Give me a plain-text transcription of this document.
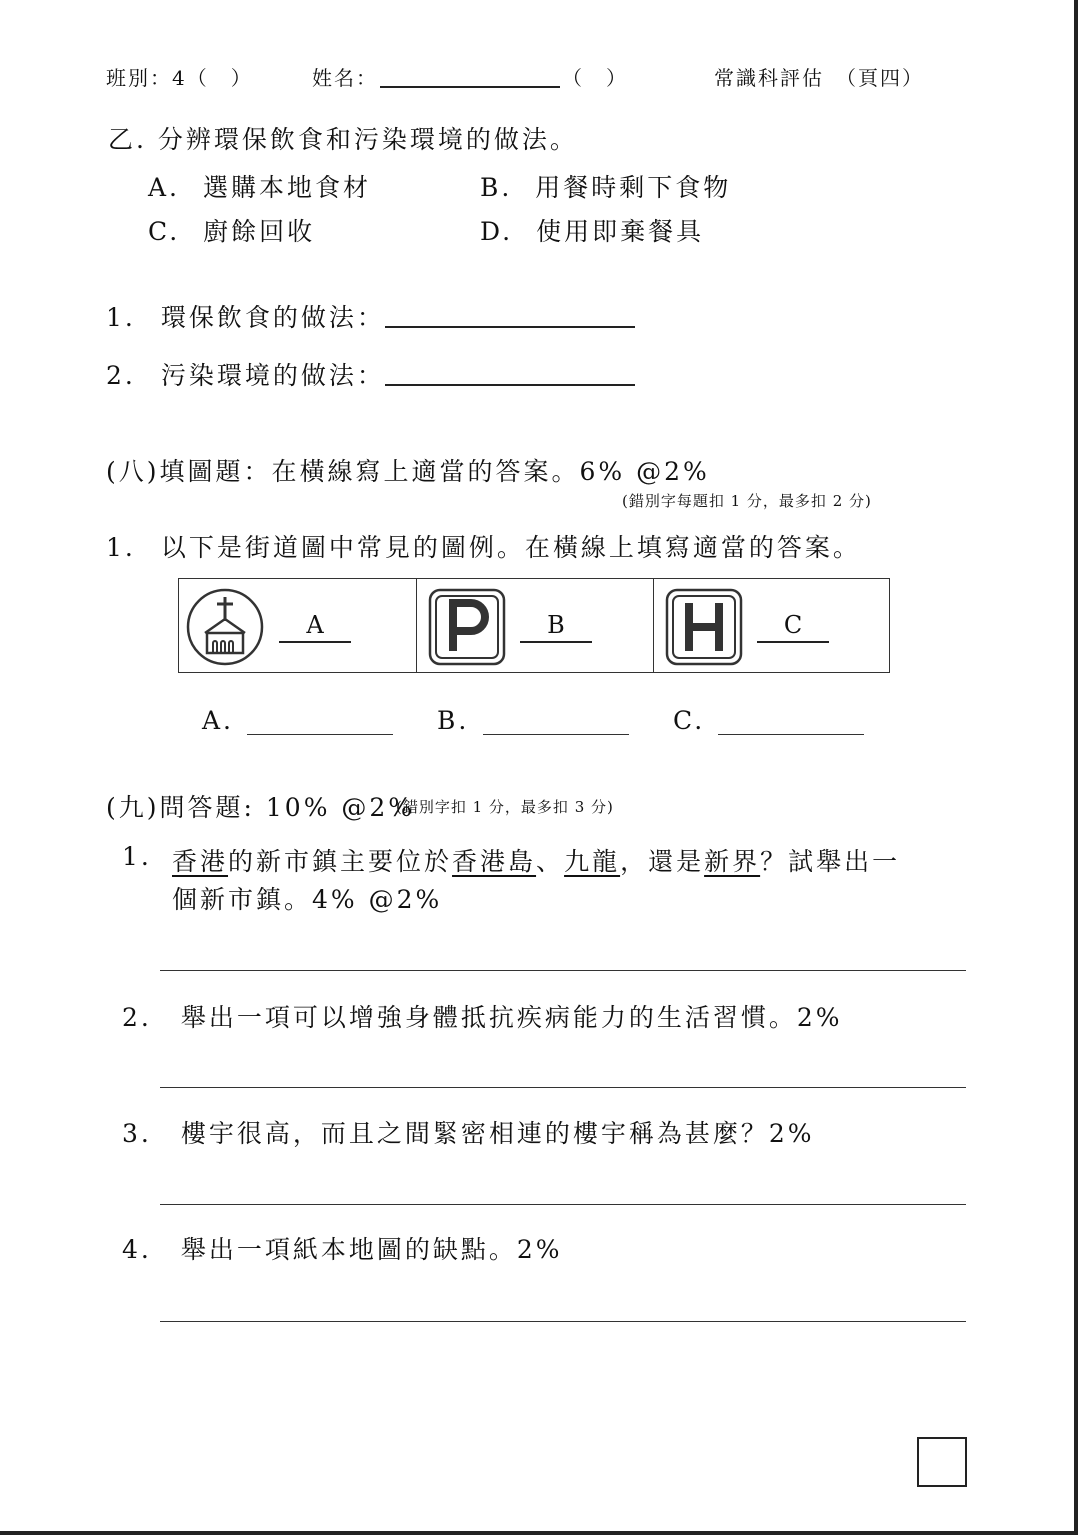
班別：4（　）	姓名：	（　）	常識科評估　（頁四）
乙. 分辨環保飲食和污染環境的做法。
A. 選購本地食材	B. 用餐時剩下食物
C. 廚餘回收	D. 使用即棄餐具
1. 環保飲食的做法：
2. 污染環境的做法：
(八)填圖題：在橫線寫上適當的答案。6% @2%
(錯別字每題扣 1 分，最多扣 2 分)
1. 以下是街道圖中常見的圖例。在橫線上填寫適當的答案。
A	B	C
A.	B.	C.
(九)問答題: 10% @2%
(錯別字扣 1 分，最多扣 3 分)
1. 香港的新市鎮主要位於香港島、九龍，還是新界？試舉出一
個新市鎮。4% @2%
2. 舉出一項可以增強身體抵抗疾病能力的生活習慣。2%
3. 樓宇很高，而且之間緊密相連的樓宇稱為甚麼？2%
4. 舉出一項紙本地圖的缺點。2%
